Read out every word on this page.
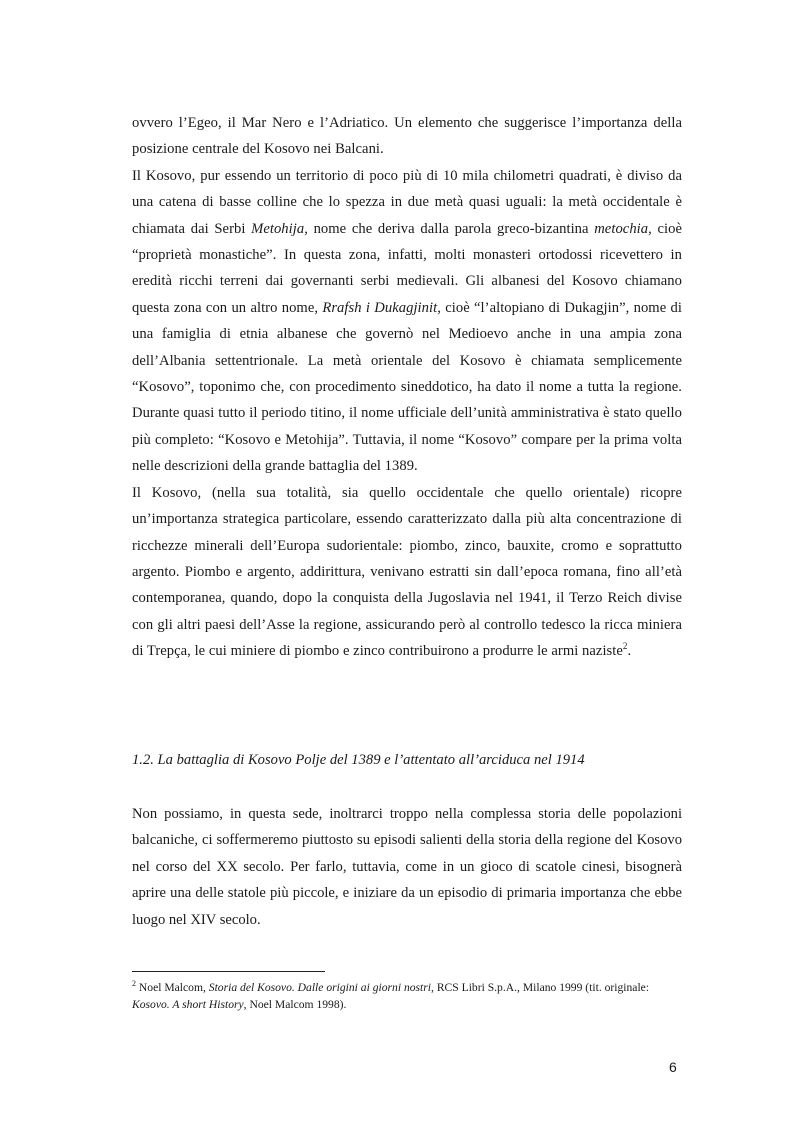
ovvero l’Egeo, il Mar Nero e l’Adriatico. Un elemento che suggerisce l’importanza della posizione centrale del Kosovo nei Balcani.

Il Kosovo, pur essendo un territorio di poco più di 10 mila chilometri quadrati, è diviso da una catena di basse colline che lo spezza in due metà quasi uguali: la metà occidentale è chiamata dai Serbi Metohija, nome che deriva dalla parola greco-bizantina metochia, cioè “proprietà monastiche”. In questa zona, infatti, molti monasteri ortodossi ricevettero in eredità ricchi terreni dai governanti serbi medievali. Gli albanesi del Kosovo chiamano questa zona con un altro nome, Rrafsh i Dukagjinit, cioè “l’altopiano di Dukagjin”, nome di una famiglia di etnia albanese che governò nel Medioevo anche in una ampia zona dell’Albania settentrionale. La metà orientale del Kosovo è chiamata semplicemente “Kosovo”, toponimo che, con procedimento sineddotico, ha dato il nome a tutta la regione. Durante quasi tutto il periodo titino, il nome ufficiale dell’unità amministrativa è stato quello più completo: “Kosovo e Metohija”. Tuttavia, il nome “Kosovo” compare per la prima volta nelle descrizioni della grande battaglia del 1389.

Il Kosovo, (nella sua totalità, sia quello occidentale che quello orientale) ricopre un’importanza strategica particolare, essendo caratterizzato dalla più alta concentrazione di ricchezze minerali dell’Europa sudorientale: piombo, zinco, bauxite, cromo e soprattutto argento. Piombo e argento, addirittura, venivano estratti sin dall’epoca romana, fino all’età contemporanea, quando, dopo la conquista della Jugoslavia nel 1941, il Terzo Reich divise con gli altri paesi dell’Asse la regione, assicurando però al controllo tedesco la ricca miniera di Trepça, le cui miniere di piombo e zinco contribuirono a produrre le armi naziste$^2$.

1.2. La battaglia di Kosovo Polje del 1389 e l’attentato all’arciduca nel 1914

Non possiamo, in questa sede, inoltrarci troppo nella complessa storia delle popolazioni balcaniche, ci soffermeremo piuttosto su episodi salienti della storia della regione del Kosovo nel corso del XX secolo. Per farlo, tuttavia, come in un gioco di scatole cinesi, bisognerà aprire una delle statole più piccole, e iniziare da un episodio di primaria importanza che ebbe luogo nel XIV secolo.

$^2$ Noel Malcom, Storia del Kosovo. Dalle origini ai giorni nostri, RCS Libri S.p.A., Milano 1999 (tit. originale: Kosovo. A short History, Noel Malcom 1998).
6
